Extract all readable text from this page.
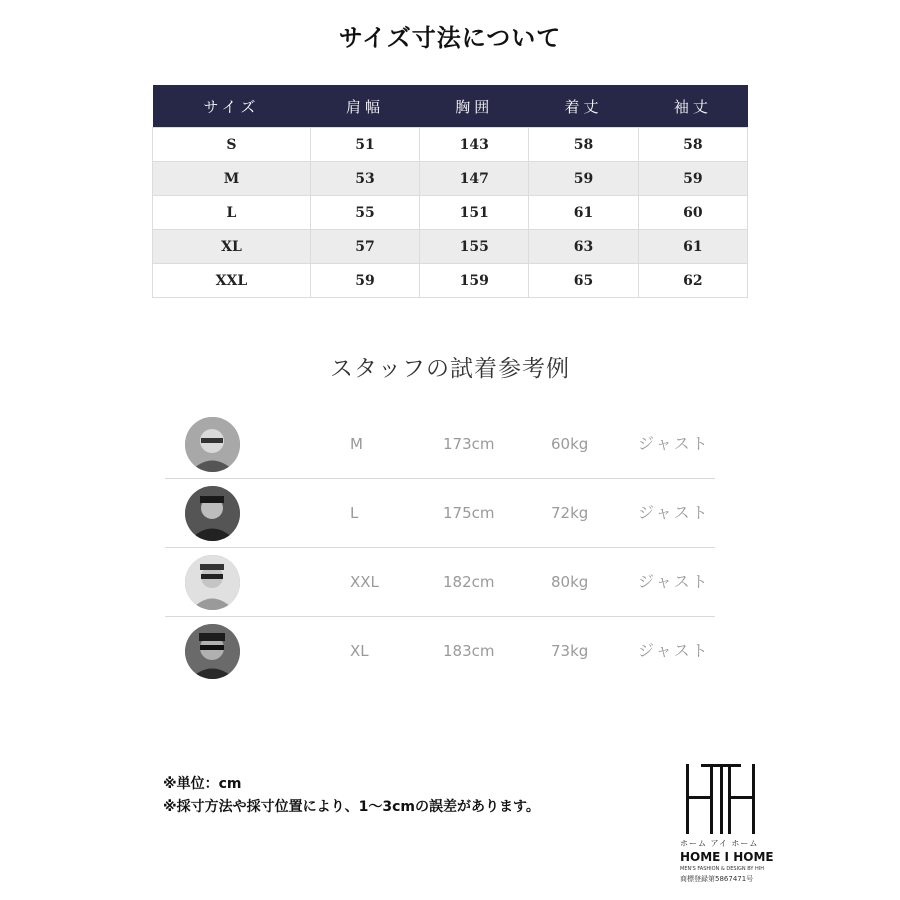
サイズ寸法について
サイズ	肩幅	胸囲	着丈	袖丈
S	51	143	58	58
M	53	147	59	59
L	55	151	61	60
XL	57	155	63	61
XXL	59	159	65	62
スタッフの試着参考例
M	173cm	60kg	ジャスト
L	175cm	72kg	ジャスト
XXL	182cm	80kg	ジャスト
XL	183cm	73kg	ジャスト
※単位：cm
※採寸方法や採寸位置により、1～3cmの誤差があります。
ホーム アイ ホーム
HOME I HOME
MEN'S FASHION & DESIGN BY HIH
商標登録第5867471号
